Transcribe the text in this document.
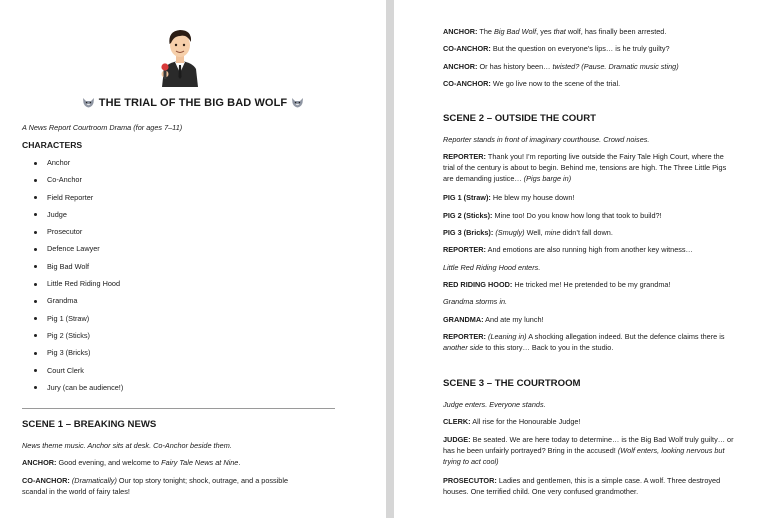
THE TRIAL OF THE BIG BAD WOLF

A News Report Courtroom Drama (for ages 7–11)

CHARACTERS

Anchor
Co-Anchor
Field Reporter
Judge
Prosecutor
Defence Lawyer
Big Bad Wolf
Little Red Riding Hood
Grandma
Pig 1 (Straw)
Pig 2 (Sticks)
Pig 3 (Bricks)
Court Clerk
Jury (can be audience!)

SCENE 1 – BREAKING NEWS

News theme music. Anchor sits at desk. Co-Anchor beside them.

ANCHOR: Good evening, and welcome to Fairy Tale News at Nine.

CO-ANCHOR: (Dramatically) Our top story tonight; shock, outrage, and a possible
scandal in the world of fairy tales!

ANCHOR: The Big Bad Wolf, yes that wolf, has finally been arrested.

CO-ANCHOR: But the question on everyone’s lips… is he truly guilty?

ANCHOR: Or has history been… twisted? (Pause. Dramatic music sting)

CO-ANCHOR: We go live now to the scene of the trial.

SCENE 2 – OUTSIDE THE COURT

Reporter stands in front of imaginary courthouse. Crowd noises.

REPORTER: Thank you! I’m reporting live outside the Fairy Tale High Court, where the
trial of the century is about to begin. Behind me, tensions are high. The Three Little Pigs
are demanding justice… (Pigs barge in)

PIG 1 (Straw): He blew my house down!

PIG 2 (Sticks): Mine too! Do you know how long that took to build?!

PIG 3 (Bricks): (Smugly) Well, mine didn’t fall down.

REPORTER: And emotions are also running high from another key witness…

Little Red Riding Hood enters.

RED RIDING HOOD: He tricked me! He pretended to be my grandma!

Grandma storms in.

GRANDMA: And ate my lunch!

REPORTER: (Leaning in) A shocking allegation indeed. But the defence claims there is
another side to this story… Back to you in the studio.

SCENE 3 – THE COURTROOM

Judge enters. Everyone stands.

CLERK: All rise for the Honourable Judge!

JUDGE: Be seated. We are here today to determine… is the Big Bad Wolf truly guilty… or
has he been unfairly portrayed? Bring in the accused! (Wolf enters, looking nervous but
trying to act cool)

PROSECUTOR: Ladies and gentlemen, this is a simple case. A wolf. Three destroyed
houses. One terrified child. One very confused grandmother.
